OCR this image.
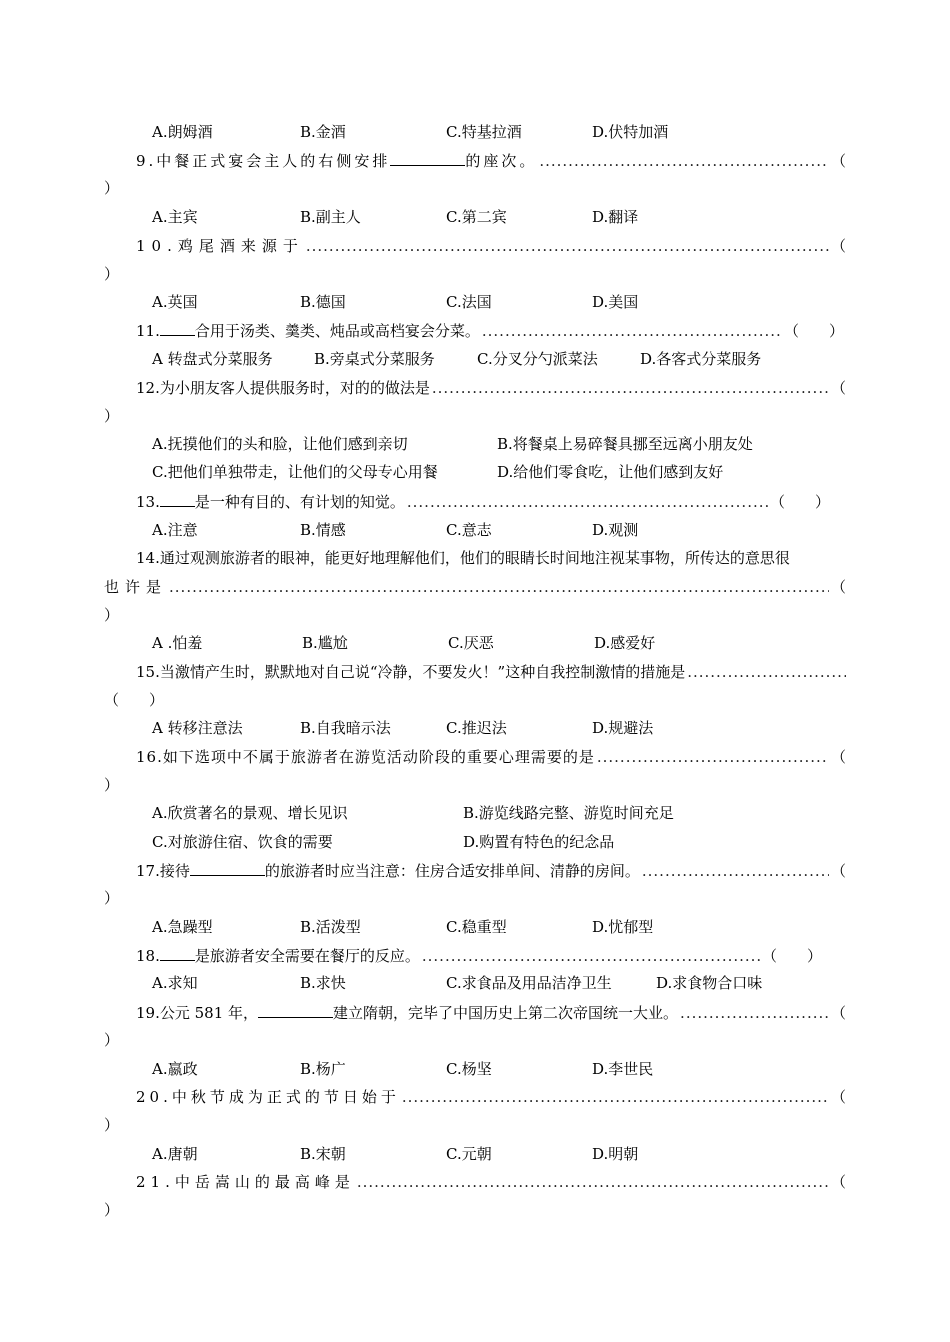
A.朗姆酒	B.金酒	C.特基拉酒	D.伏特加酒
9.中餐正式宴会主人的右侧安排	的座次。 .....	（
）
A.主宾	B.副主人	C.第二宾	D.翻译
10.鸡尾酒来源于 .....	（
）
A.英国	B.德国	C.法国	D.美国
11. 合用于汤类、羹类、炖品或高档宴会分菜。 .....	（　　）
A 转盘式分菜服务	B.旁桌式分菜服务	C.分叉分勺派菜法	D.各客式分菜服务
12.为小朋友客人提供服务时，对的的做法是 .....	（
）
A.抚摸他们的头和脸，让他们感到亲切	B.将餐桌上易碎餐具挪至远离小朋友处
C.把他们单独带走，让他们的父母专心用餐	D.给他们零食吃，让他们感到友好
13. 是一种有目的、有计划的知觉。 .....	（　　）
A.注意	B.情感	C.意志	D.观测
14.通过观测旅游者的眼神，能更好地理解他们，他们的眼睛长时间地注视某事物，所传达的意思很
也许是 .....	（
）
A .怕羞	B.尴尬	C.厌恶	D.感爱好
15.当激情产生时，默默地对自己说“冷静，不要发火！”这种自我控制激情的措施是
.....
（　　）
A 转移注意法	B.自我暗示法	C.推迟法	D.规避法
16.如下选项中不属于旅游者在游览活动阶段的重要心理需要的是 .....	（
）
A.欣赏著名的景观、增长见识	B.游览线路完整、游览时间充足
C.对旅游住宿、饮食的需要	D.购置有特色的纪念品
17.接待	的旅游者时应当注意：住房合适安排单间、清静的房间。 .....	（
）
A.急躁型	B.活泼型	C.稳重型	D.忧郁型
18. 是旅游者安全需要在餐厅的反应。 .....	（　　）
A.求知	B.求快	C.求食品及用品洁净卫生	D.求食物合口味
19.公元 581 年，	建立隋朝，完毕了中国历史上第二次帝国统一大业。 .....	（
）
A.嬴政	B.杨广	C.杨坚	D.李世民
20.中秋节成为正式的节日始于 .....	（
）
A.唐朝	B.宋朝	C.元朝	D.明朝
21.中岳嵩山的最高峰是 .....	（
）
